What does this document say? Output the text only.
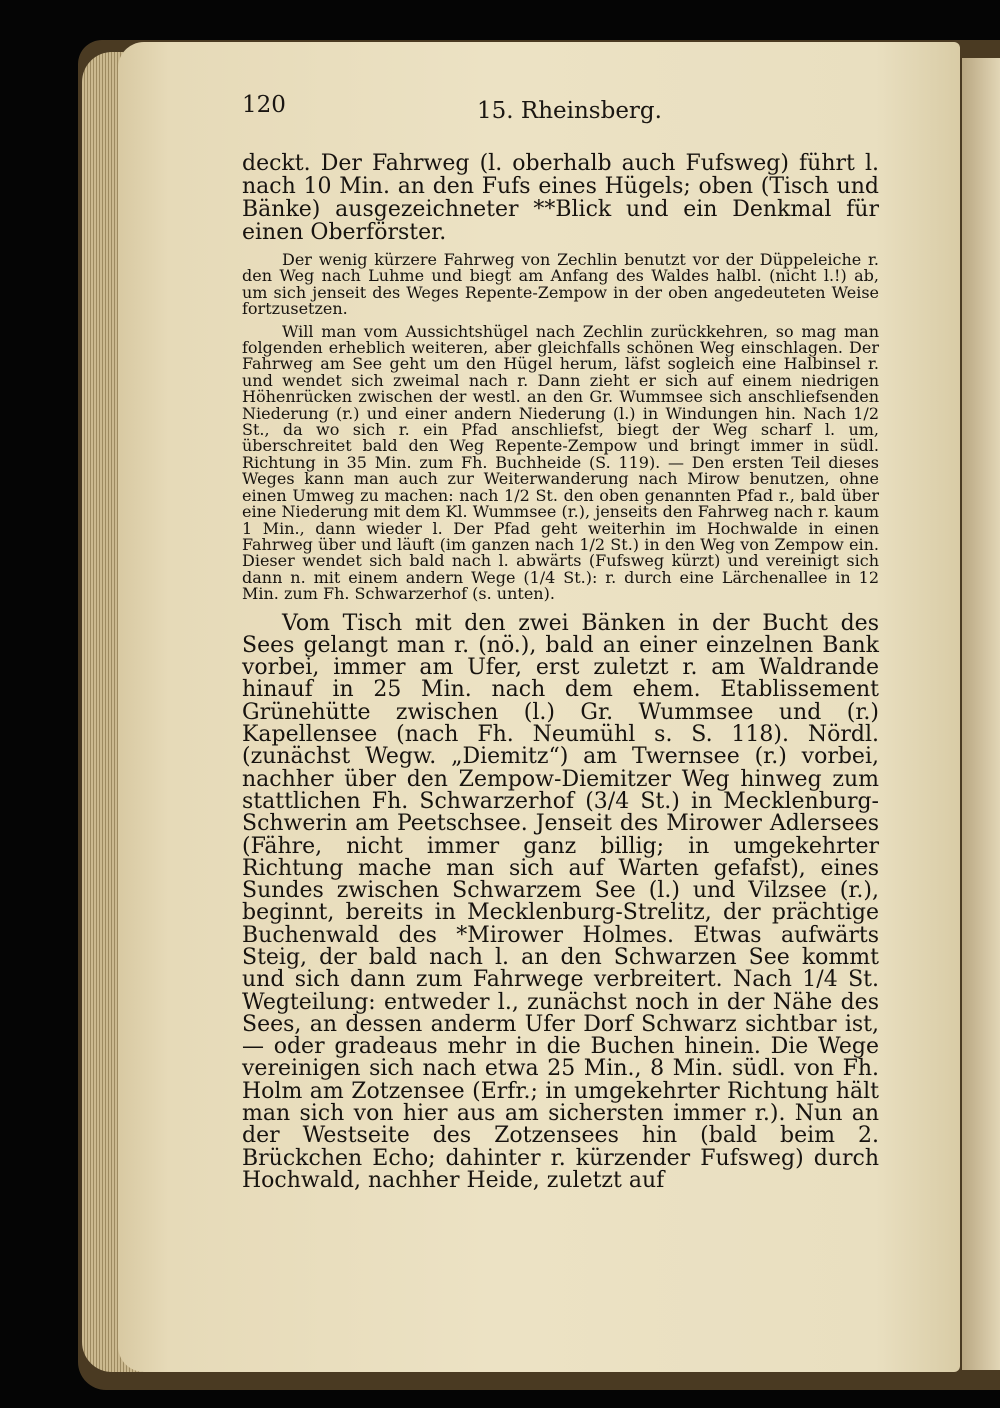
120	15. Rheinsberg.

deckt. Der Fahrweg (l. oberhalb auch Fufsweg) führt l. nach 10 Min. an den Fufs eines Hügels; oben (Tisch und Bänke) ausgezeichneter **Blick und ein Denkmal für einen Oberförster.

Der wenig kürzere Fahrweg von Zechlin benutzt vor der Düppeleiche r. den Weg nach Luhme und biegt am Anfang des Waldes halbl. (nicht l.!) ab, um sich jenseit des Weges Repente-Zempow in der oben angedeuteten Weise fortzusetzen.

Will man vom Aussichtshügel nach Zechlin zurückkehren, so mag man folgenden erheblich weiteren, aber gleichfalls schönen Weg einschlagen. Der Fahrweg am See geht um den Hügel herum, läfst sogleich eine Halbinsel r. und wendet sich zweimal nach r. Dann zieht er sich auf einem niedrigen Höhenrücken zwischen der westl. an den Gr. Wummsee sich anschliefsenden Niederung (r.) und einer andern Niederung (l.) in Windungen hin. Nach 1/2 St., da wo sich r. ein Pfad anschliefst, biegt der Weg scharf l. um, überschreitet bald den Weg Repente-Zempow und bringt immer in südl. Richtung in 35 Min. zum Fh. Buchheide (S. 119). — Den ersten Teil dieses Weges kann man auch zur Weiterwanderung nach Mirow benutzen, ohne einen Umweg zu machen: nach 1/2 St. den oben genannten Pfad r., bald über eine Niederung mit dem Kl. Wummsee (r.), jenseits den Fahrweg nach r. kaum 1 Min., dann wieder l. Der Pfad geht weiterhin im Hochwalde in einen Fahrweg über und läuft (im ganzen nach 1/2 St.) in den Weg von Zempow ein. Dieser wendet sich bald nach l. abwärts (Fufsweg kürzt) und vereinigt sich dann n. mit einem andern Wege (1/4 St.): r. durch eine Lärchenallee in 12 Min. zum Fh. Schwarzerhof (s. unten).

Vom Tisch mit den zwei Bänken in der Bucht des Sees gelangt man r. (nö.), bald an einer einzelnen Bank vorbei, immer am Ufer, erst zuletzt r. am Waldrande hinauf in 25 Min. nach dem ehem. Etablissement Grünehütte zwischen (l.) Gr. Wummsee und (r.) Kapellensee (nach Fh. Neumühl s. S. 118). Nördl. (zunächst Wegw. „Diemitz“) am Twernsee (r.) vorbei, nachher über den Zempow-Diemitzer Weg hinweg zum stattlichen Fh. Schwarzerhof (3/4 St.) in Mecklenburg-Schwerin am Peetschsee. Jenseit des Mirower Adlersees (Fähre, nicht immer ganz billig; in umgekehrter Richtung mache man sich auf Warten gefafst), eines Sundes zwischen Schwarzem See (l.) und Vilzsee (r.), beginnt, bereits in Mecklenburg-Strelitz, der prächtige Buchenwald des *Mirower Holmes. Etwas aufwärts Steig, der bald nach l. an den Schwarzen See kommt und sich dann zum Fahrwege verbreitert. Nach 1/4 St. Wegteilung: entweder l., zunächst noch in der Nähe des Sees, an dessen anderm Ufer Dorf Schwarz sichtbar ist, — oder gradeaus mehr in die Buchen hinein. Die Wege vereinigen sich nach etwa 25 Min., 8 Min. südl. von Fh. Holm am Zotzensee (Erfr.; in umgekehrter Richtung hält man sich von hier aus am sichersten immer r.). Nun an der Westseite des Zotzensees hin (bald beim 2. Brückchen Echo; dahinter r. kürzender Fufsweg) durch Hochwald, nachher Heide, zuletzt auf
